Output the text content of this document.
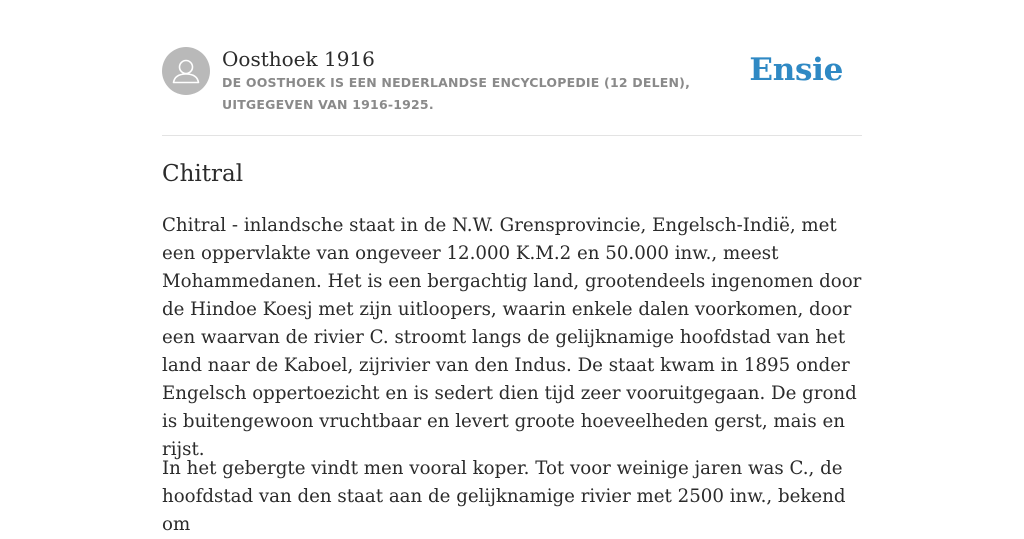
Oosthoek 1916
DE OOSTHOEK IS EEN NEDERLANDSE ENCYCLOPEDIE (12 DELEN), UITGEGEVEN VAN 1916-1925.
Ensie
Chitral

Chitral - inlandsche staat in de N.W. Grensprovincie, Engelsch-Indië, met een oppervlakte van ongeveer 12.000 K.M.2 en 50.000 inw., meest Mohammedanen. Het is een bergachtig land, grootendeels ingenomen door de Hindoe Koesj met zijn uitloopers, waarin enkele dalen voorkomen, door een waarvan de rivier C. stroomt langs de gelijknamige hoofdstad van het land naar de Kaboel, zijrivier van den Indus. De staat kwam in 1895 onder Engelsch oppertoezicht en is sedert dien tijd zeer vooruitgegaan. De grond is buitengewoon vruchtbaar en levert groote hoeveelheden gerst, mais en rijst.

In het gebergte vindt men vooral koper. Tot voor weinige jaren was C., de hoofdstad van den staat aan de gelijknamige rivier met 2500 inw., bekend om
